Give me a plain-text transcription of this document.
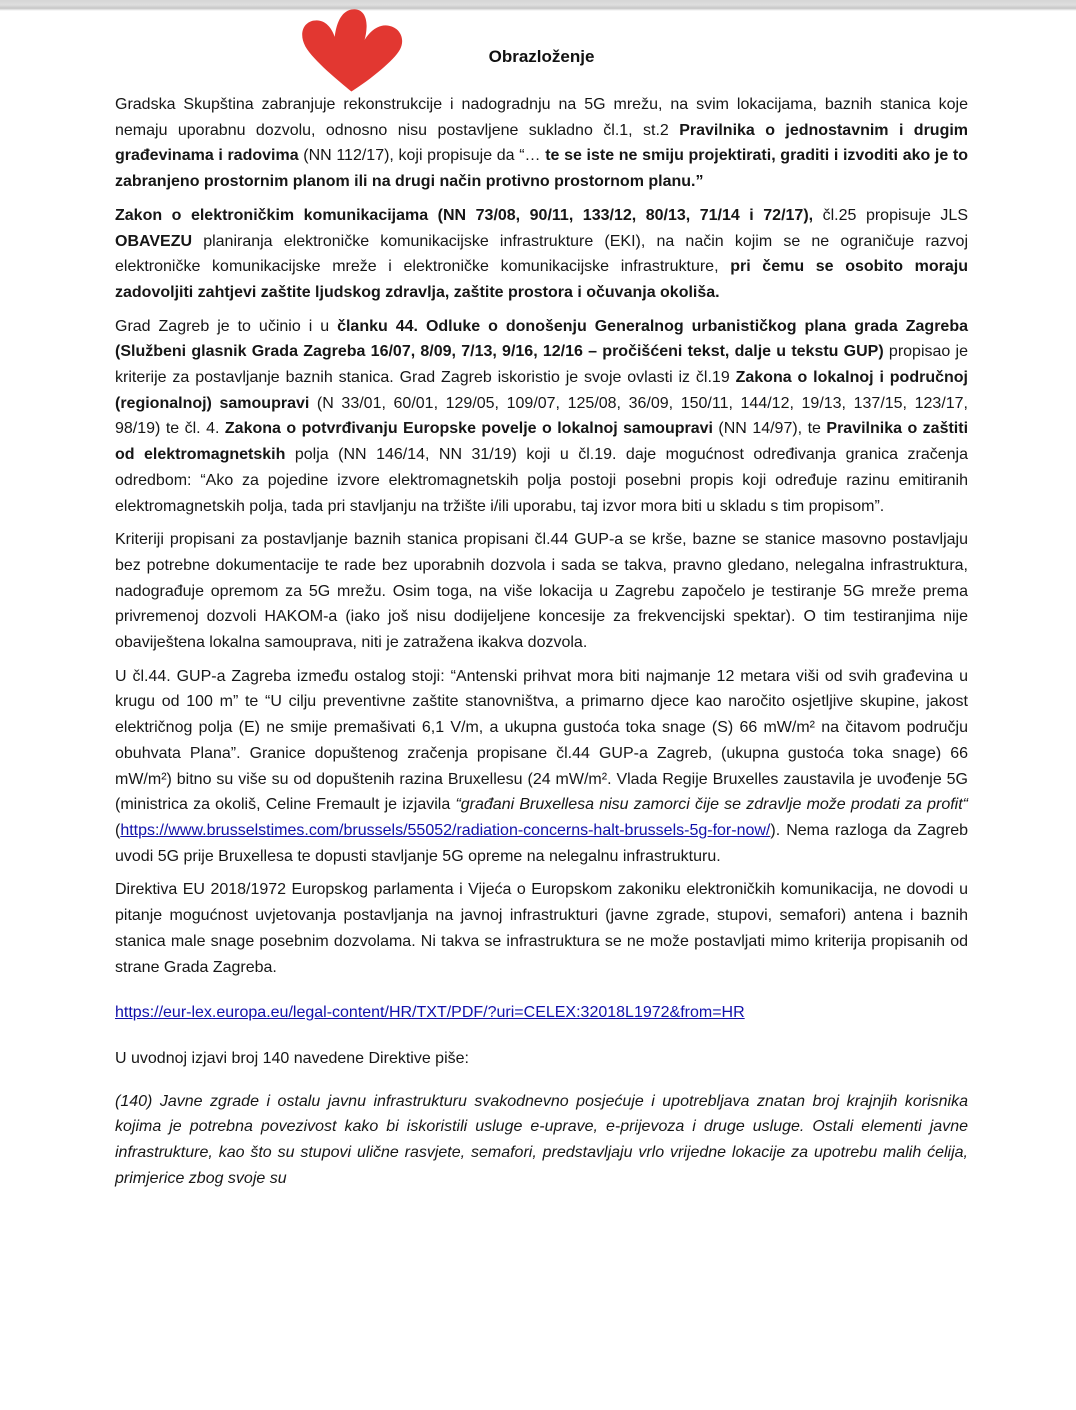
Obrazloženje

Gradska Skupština zabranjuje rekonstrukcije i nadogradnju na 5G mrežu, na svim lokacijama, baznih stanica koje nemaju uporabnu dozvolu, odnosno nisu postavljene sukladno čl.1, st.2 Pravilnika o jednostavnim i drugim građevinama i radovima (NN 112/17), koji propisuje da “… te se iste ne smiju projektirati, graditi i izvoditi ako je to zabranjeno prostornim planom ili na drugi način protivno prostornom planu.”

Zakon o elektroničkim komunikacijama (NN 73/08, 90/11, 133/12, 80/13, 71/14 i 72/17), čl.25 propisuje JLS OBAVEZU planiranja elektroničke komunikacijske infrastrukture (EKI), na način kojim se ne ograničuje razvoj elektroničke komunikacijske mreže i elektroničke komunikacijske infrastrukture, pri čemu se osobito moraju zadovoljiti zahtjevi zaštite ljudskog zdravlja, zaštite prostora i očuvanja okoliša.

Grad Zagreb je to učinio i u članku 44. Odluke o donošenju Generalnog urbanističkog plana grada Zagreba (Službeni glasnik Grada Zagreba 16/07, 8/09, 7/13, 9/16, 12/16 – pročišćeni tekst, dalje u tekstu GUP) propisao je kriterije za postavljanje baznih stanica. Grad Zagreb iskoristio je svoje ovlasti iz čl.19 Zakona o lokalnoj i područnoj (regionalnoj) samoupravi (N 33/01, 60/01, 129/05, 109/07, 125/08, 36/09, 150/11, 144/12, 19/13, 137/15, 123/17, 98/19) te čl. 4. Zakona o potvrđivanju Europske povelje o lokalnoj samoupravi (NN 14/97), te Pravilnika o zaštiti od elektromagnetskih polja (NN 146/14, NN 31/19) koji u čl.19. daje mogućnost određivanja granica zračenja odredbom: “Ako za pojedine izvore elektromagnetskih polja postoji posebni propis koji određuje razinu emitiranih elektromagnetskih polja, tada pri stavljanju na tržište i/ili uporabu, taj izvor mora biti u skladu s tim propisom”.

Kriteriji propisani za postavljanje baznih stanica propisani čl.44 GUP-a se krše, bazne se stanice masovno postavljaju bez potrebne dokumentacije te rade bez uporabnih dozvola i sada se takva, pravno gledano, nelegalna infrastruktura, nadograđuje opremom za 5G mrežu. Osim toga, na više lokacija u Zagrebu započelo je testiranje 5G mreže prema privremenoj dozvoli HAKOM-a (iako još nisu dodijeljene koncesije za frekvencijski spektar). O tim testiranjima nije obaviještena lokalna samouprava, niti je zatražena ikakva dozvola.

U čl.44. GUP-a Zagreba između ostalog stoji: “Antenski prihvat mora biti najmanje 12 metara viši od svih građevina u krugu od 100 m” te “U cilju preventivne zaštite stanovništva, a primarno djece kao naročito osjetljive skupine, jakost električnog polja (E) ne smije premašivati 6,1 V/m, a ukupna gustoća toka snage (S) 66 mW/m² na čitavom području obuhvata Plana”. Granice dopuštenog zračenja propisane čl.44 GUP-a Zagreb, (ukupna gustoća toka snage) 66 mW/m²) bitno su više su od dopuštenih razina Bruxellesu (24 mW/m². Vlada Regije Bruxelles zaustavila je uvođenje 5G (ministrica za okoliš, Celine Fremault je izjavila “građani Bruxellesa nisu zamorci čije se zdravlje može prodati za profit“ (https://www.brusselstimes.com/brussels/55052/radiation-concerns-halt-brussels-5g-for-now/). Nema razloga da Zagreb uvodi 5G prije Bruxellesa te dopusti stavljanje 5G opreme na nelegalnu infrastrukturu.

Direktiva EU 2018/1972 Europskog parlamenta i Vijeća o Europskom zakoniku elektroničkih komunikacija, ne dovodi u pitanje mogućnost uvjetovanja postavljanja na javnoj infrastrukturi (javne zgrade, stupovi, semafori) antena i baznih stanica male snage posebnim dozvolama. Ni takva se infrastruktura se ne može postavljati mimo kriterija propisanih od strane Grada Zagreba.

https://eur-lex.europa.eu/legal-content/HR/TXT/PDF/?uri=CELEX:32018L1972&from=HR

U uvodnoj izjavi broj 140 navedene Direktive piše:

(140) Javne zgrade i ostalu javnu infrastrukturu svakodnevno posjećuje i upotrebljava znatan broj krajnjih korisnika kojima je potrebna povezivost kako bi iskoristili usluge e-uprave, e-prijevoza i druge usluge. Ostali elementi javne infrastrukture, kao što su stupovi ulične rasvjete, semafori, predstavljaju vrlo vrijedne lokacije za upotrebu malih ćelija, primjerice zbog svoje su
